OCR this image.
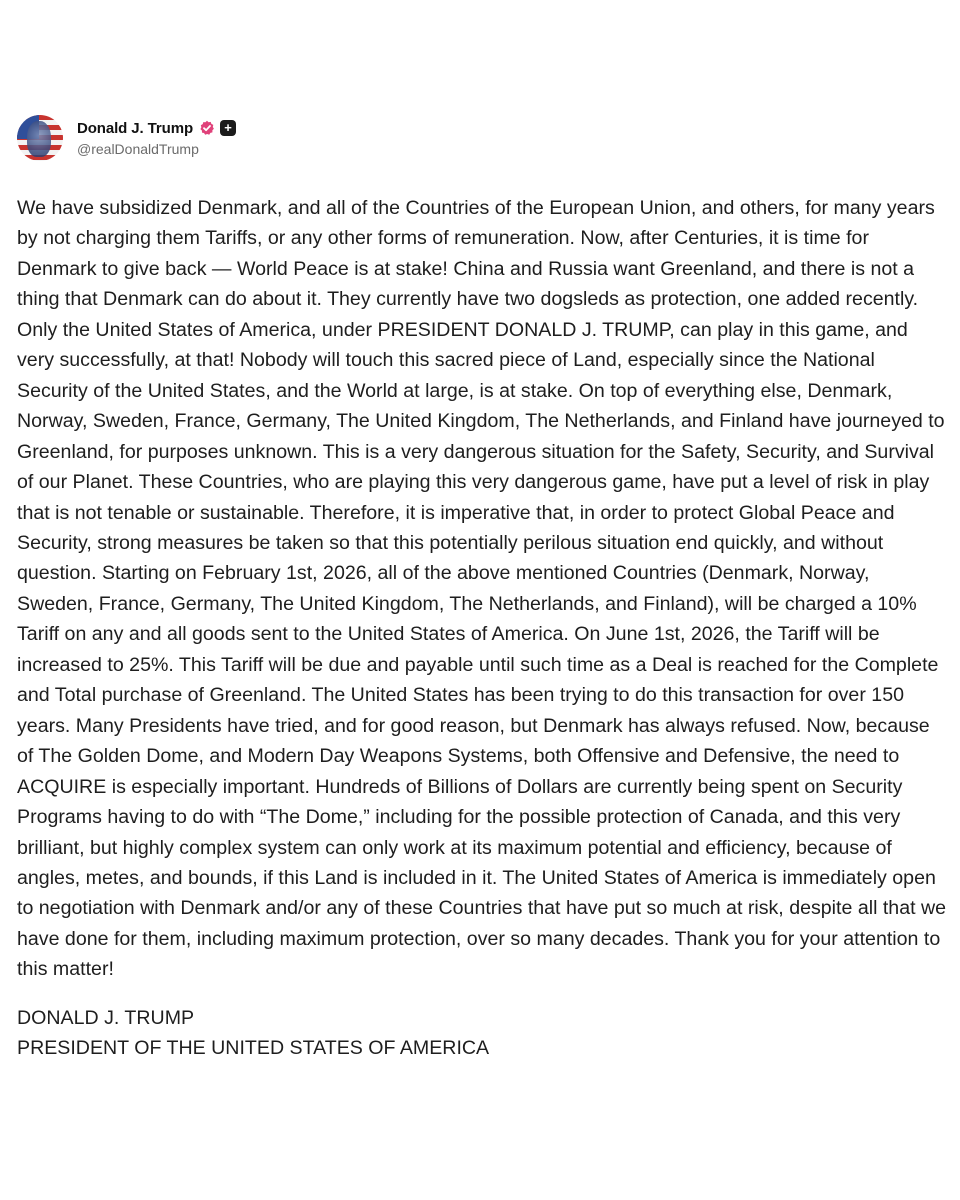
Donald J. Trump	+
@realDonaldTrump
We have subsidized Denmark, and all of the Countries of the European Union, and others, for many years by not charging them Tariffs, or any other forms of remuneration. Now, after Centuries, it is time for Denmark to give back — World Peace is at stake! China and Russia want Greenland, and there is not a thing that Denmark can do about it. They currently have two dogsleds as protection, one added recently. Only the United States of America, under PRESIDENT DONALD J. TRUMP, can play in this game, and very successfully, at that! Nobody will touch this sacred piece of Land, especially since the National Security of the United States, and the World at large, is at stake. On top of everything else, Denmark, Norway, Sweden, France, Germany, The United Kingdom, The Netherlands, and Finland have journeyed to Greenland, for purposes unknown. This is a very dangerous situation for the Safety, Security, and Survival of our Planet. These Countries, who are playing this very dangerous game, have put a level of risk in play that is not tenable or sustainable. Therefore, it is imperative that, in order to protect Global Peace and Security, strong measures be taken so that this potentially perilous situation end quickly, and without question. Starting on February 1st, 2026, all of the above mentioned Countries (Denmark, Norway, Sweden, France, Germany, The United Kingdom, The Netherlands, and Finland), will be charged a 10% Tariff on any and all goods sent to the United States of America. On June 1st, 2026, the Tariff will be increased to 25%. This Tariff will be due and payable until such time as a Deal is reached for the Complete and Total purchase of Greenland. The United States has been trying to do this transaction for over 150 years. Many Presidents have tried, and for good reason, but Denmark has always refused. Now, because of The Golden Dome, and Modern Day Weapons Systems, both Offensive and Defensive, the need to ACQUIRE is especially important. Hundreds of Billions of Dollars are currently being spent on Security Programs having to do with “The Dome,” including for the possible protection of Canada, and this very brilliant, but highly complex system can only work at its maximum potential and efficiency, because of angles, metes, and bounds, if this Land is included in it. The United States of America is immediately open to negotiation with Denmark and/or any of these Countries that have put so much at risk, despite all that we have done for them, including maximum protection, over so many decades. Thank you for your attention to this matter!
DONALD J. TRUMP
PRESIDENT OF THE UNITED STATES OF AMERICA
